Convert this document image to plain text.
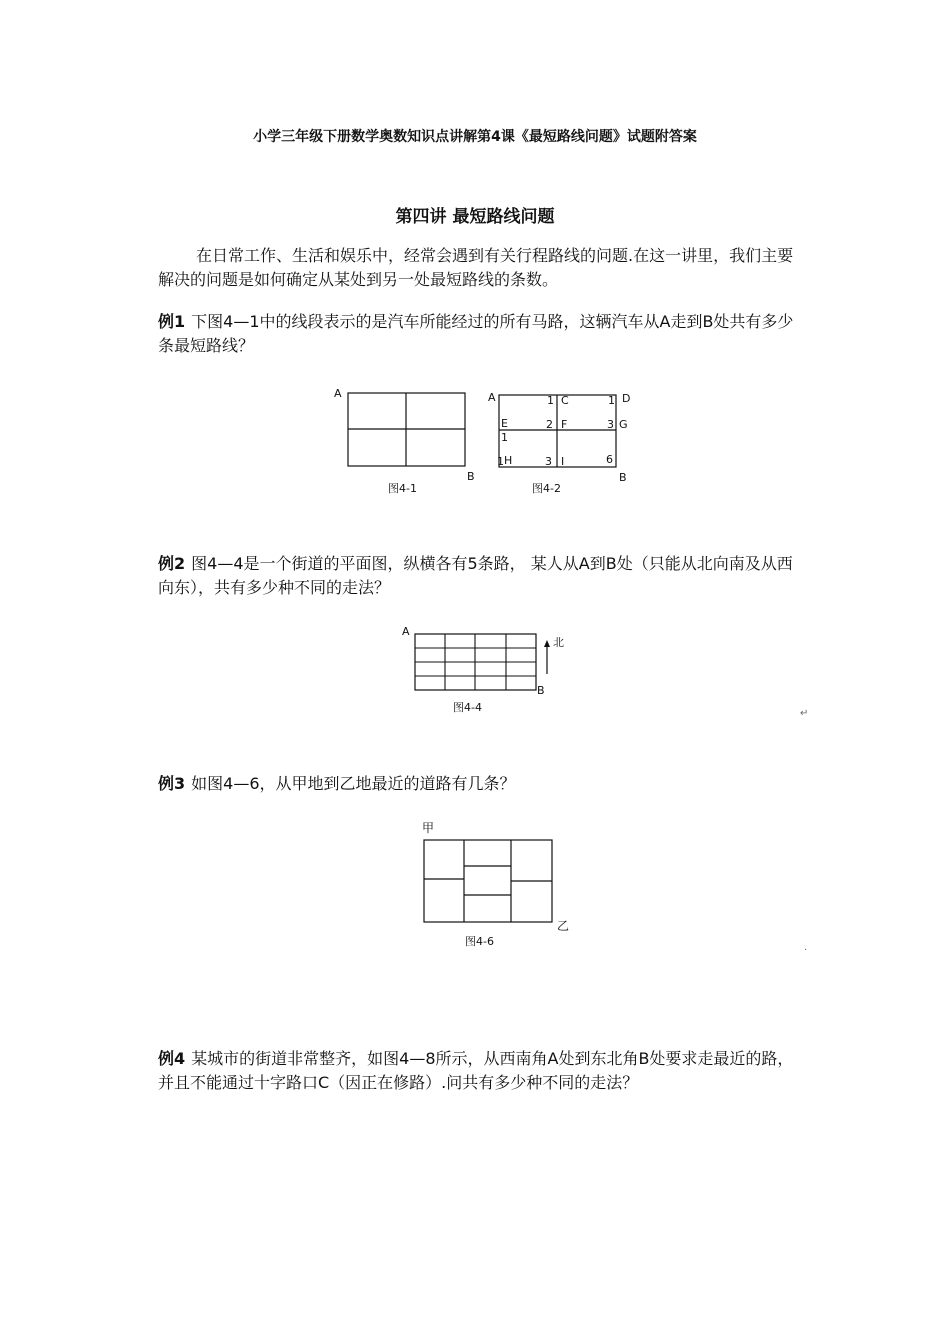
小学三年级下册数学奥数知识点讲解第4课《最短路线问题》试题附答案
第四讲 最短路线问题
在日常工作、生活和娱乐中，经常会遇到有关行程路线的问题.在这一讲里，我们主要解决的问题是如何确定从某处到另一处最短路线的条数。
例1 下图4—1中的线段表示的是汽车所能经过的所有马路，这辆汽车从A走到B处共有多少条最短路线？
A
B
图4-1
A	1 C	1 D
E	2 F	3 G
1
1 H	3 I	6
B
图4-2
例2 图4—4是一个街道的平面图，纵横各有5条路， 某人从A到B处（只能从北向南及从西向东），共有多少种不同的走法？
北
A
B
图4-4	↵
例3 如图4—6，从甲地到乙地最近的道路有几条？
甲
乙
图4-6	.
例4 某城市的街道非常整齐，如图4—8所示，从西南角A处到东北角B处要求走最近的路，并且不能通过十字路口C（因正在修路）.问共有多少种不同的走法？
